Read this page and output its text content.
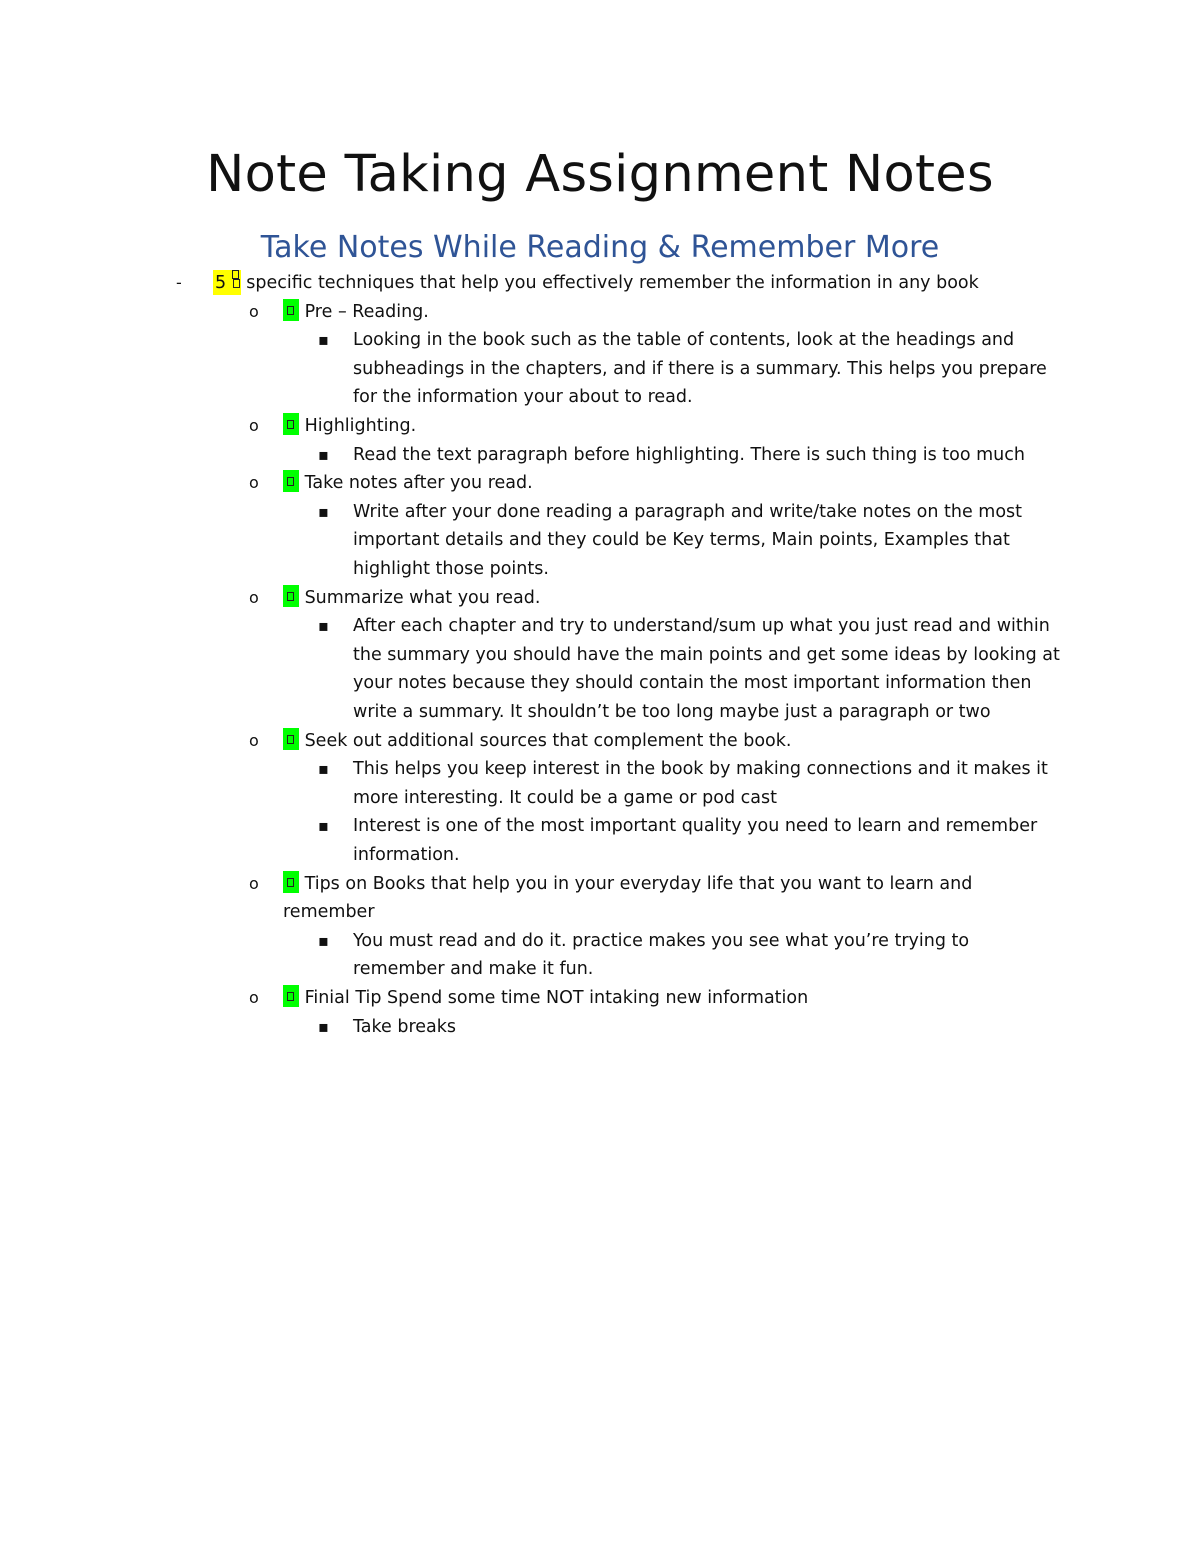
Note Taking Assignment Notes
Take Notes While Reading & Remember More
- 5  specific techniques that help you effectively remember the information in any book
o	Pre – Reading.
▪ Looking in the book such as the table of contents, look at the headings and
subheadings in the chapters, and if there is a summary. This helps you prepare
for the information your about to read.
o	Highlighting.
▪ Read the text paragraph before highlighting. There is such thing is too much
o	Take notes after you read.
▪ Write after your done reading a paragraph and write/take notes on the most
important details and they could be Key terms, Main points, Examples that
highlight those points.
o	Summarize what you read.
▪ After each chapter and try to understand/sum up what you just read and within
the summary you should have the main points and get some ideas by looking at
your notes because they should contain the most important information then
write a summary. It shouldn’t be too long maybe just a paragraph or two
o	Seek out additional sources that complement the book.
▪ This helps you keep interest in the book by making connections and it makes it
more interesting. It could be a game or pod cast
▪ Interest is one of the most important quality you need to learn and remember
information.
o	Tips on Books that help you in your everyday life that you want to learn and
remember
▪ You must read and do it. practice makes you see what you’re trying to
remember and make it fun.
o	Finial Tip Spend some time NOT intaking new information
▪ Take breaks
